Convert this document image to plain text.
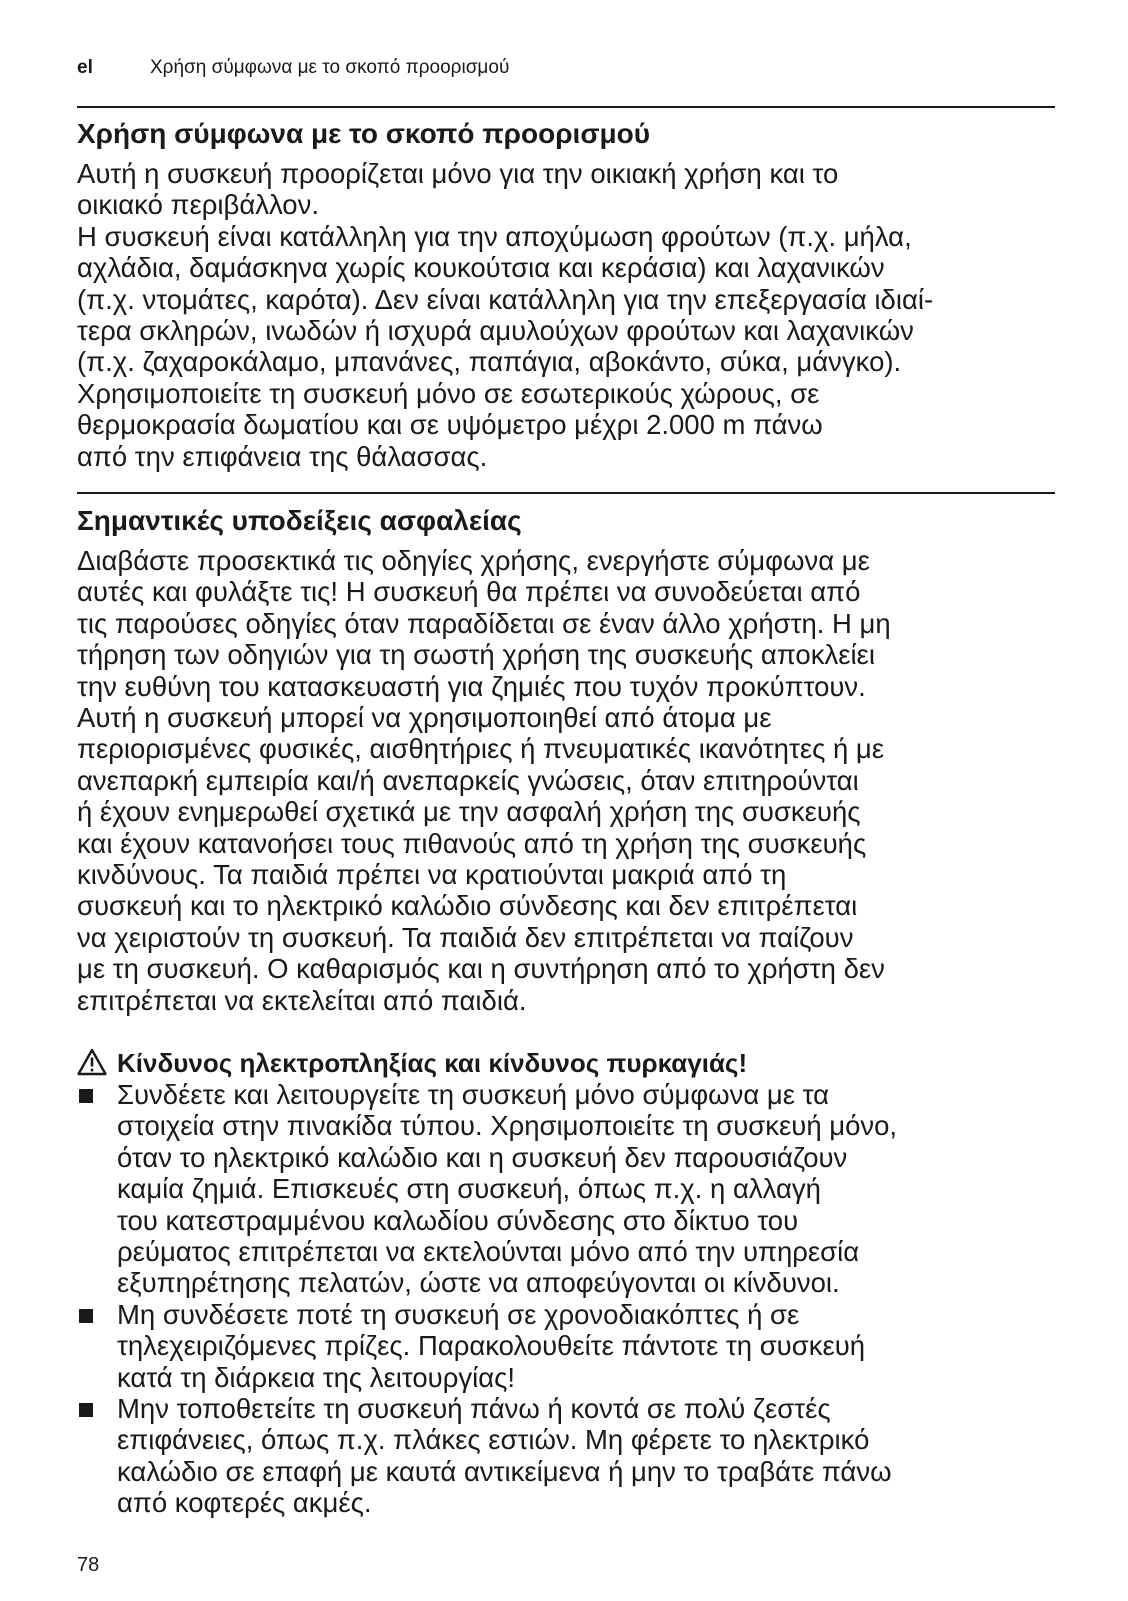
el	Χρήση σύμφωνα με το σκοπό προορισμού
Χρήση σύμφωνα με το σκοπό προορισμού
Αυτή η συσκευή προορίζεται μόνο για την οικιακή χρήση και το
οικιακό περιβάλλον.
Η συσκευή είναι κατάλληλη για την αποχύμωση φρούτων (π.χ. μήλα,
αχλάδια, δαμάσκηνα χωρίς κουκούτσια και κεράσια) και λαχανικών
(π.χ. ντομάτες, καρότα). Δεν είναι κατάλληλη για την επεξεργασία ιδιαί-
τερα σκληρών, ινωδών ή ισχυρά αμυλούχων φρούτων και λαχανικών
(π.χ. ζαχαροκάλαμο, μπανάνες, παπάγια, αβοκάντο, σύκα, μάνγκο).
Χρησιμοποιείτε τη συσκευή μόνο σε εσωτερικούς χώρους, σε
θερμοκρασία δωματίου και σε υψόμετρο μέχρι 2.000 m πάνω
από την επιφάνεια της θάλασσας.
Σημαντικές υποδείξεις ασφαλείας
Διαβάστε προσεκτικά τις οδηγίες χρήσης, ενεργήστε σύμφωνα με
αυτές και φυλάξτε τις! Η συσκευή θα πρέπει να συνοδεύεται από
τις παρούσες οδηγίες όταν παραδίδεται σε έναν άλλο χρήστη. Η μη
τήρηση των οδηγιών για τη σωστή χρήση της συσκευής αποκλείει
την ευθύνη του κατασκευαστή για ζημιές που τυχόν προκύπτουν.
Αυτή η συσκευή μπορεί να χρησιμοποιηθεί από άτομα με
περιορισμένες φυσικές, αισθητήριες ή πνευματικές ικανότητες ή με
ανεπαρκή εμπειρία και/ή ανεπαρκείς γνώσεις, όταν επιτηρούνται
ή έχουν ενημερωθεί σχετικά με την ασφαλή χρήση της συσκευής
και έχουν κατανοήσει τους πιθανούς από τη χρήση της συσκευής
κινδύνους. Τα παιδιά πρέπει να κρατιούνται μακριά από τη
συσκευή και το ηλεκτρικό καλώδιο σύνδεσης και δεν επιτρέπεται
να χειριστούν τη συσκευή. Τα παιδιά δεν επιτρέπεται να παίζουν
με τη συσκευή. Ο καθαρισμός και η συντήρηση από το χρήστη δεν
επιτρέπεται να εκτελείται από παιδιά.
Κίνδυνος ηλεκτροπληξίας και κίνδυνος πυρκαγιάς!
Συνδέετε και λειτουργείτε τη συσκευή μόνο σύμφωνα με τα
στοιχεία στην πινακίδα τύπου. Χρησιμοποιείτε τη συσκευή μόνο,
όταν το ηλεκτρικό καλώδιο και η συσκευή δεν παρουσιάζουν
καμία ζημιά. Επισκευές στη συσκευή, όπως π.χ. η αλλαγή
του κατεστραμμένου καλωδίου σύνδεσης στο δίκτυο του
ρεύματος επιτρέπεται να εκτελούνται μόνο από την υπηρεσία
εξυπηρέτησης πελατών, ώστε να αποφεύγονται οι κίνδυνοι.
Μη συνδέσετε ποτέ τη συσκευή σε χρονοδιακόπτες ή σε
τηλεχειριζόμενες πρίζες. Παρακολουθείτε πάντοτε τη συσκευή
κατά τη διάρκεια της λειτουργίας!
Μην τοποθετείτε τη συσκευή πάνω ή κοντά σε πολύ ζεστές
επιφάνειες, όπως π.χ. πλάκες εστιών. Μη φέρετε το ηλεκτρικό
καλώδιο σε επαφή με καυτά αντικείμενα ή μην το τραβάτε πάνω
από κοφτερές ακμές.
78
